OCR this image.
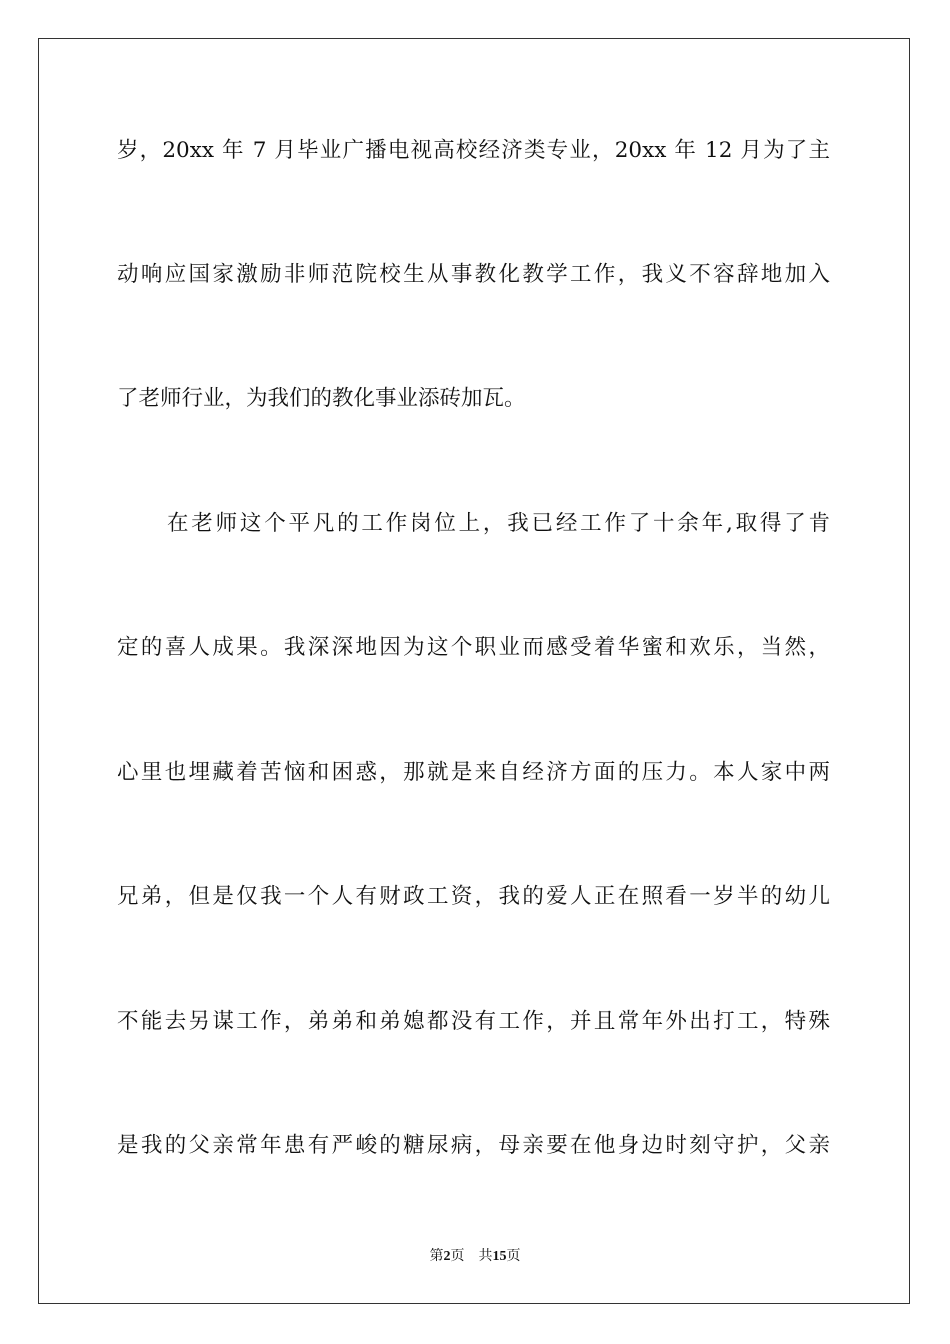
岁，20xx 年 7 月毕业广播电视高校经济类专业，20xx 年 12 月为了主
动响应国家激励非师范院校生从事教化教学工作，我义不容辞地加入
了老师行业，为我们的教化事业添砖加瓦。
在老师这个平凡的工作岗位上，我已经工作了十余年,取得了肯
定的喜人成果。我深深地因为这个职业而感受着华蜜和欢乐，当然，
心里也埋藏着苦恼和困惑，那就是来自经济方面的压力。本人家中两
兄弟，但是仅我一个人有财政工资，我的爱人正在照看一岁半的幼儿
不能去另谋工作，弟弟和弟媳都没有工作，并且常年外出打工，特殊
是我的父亲常年患有严峻的糖尿病，母亲要在他身边时刻守护，父亲
第2页 共15页
